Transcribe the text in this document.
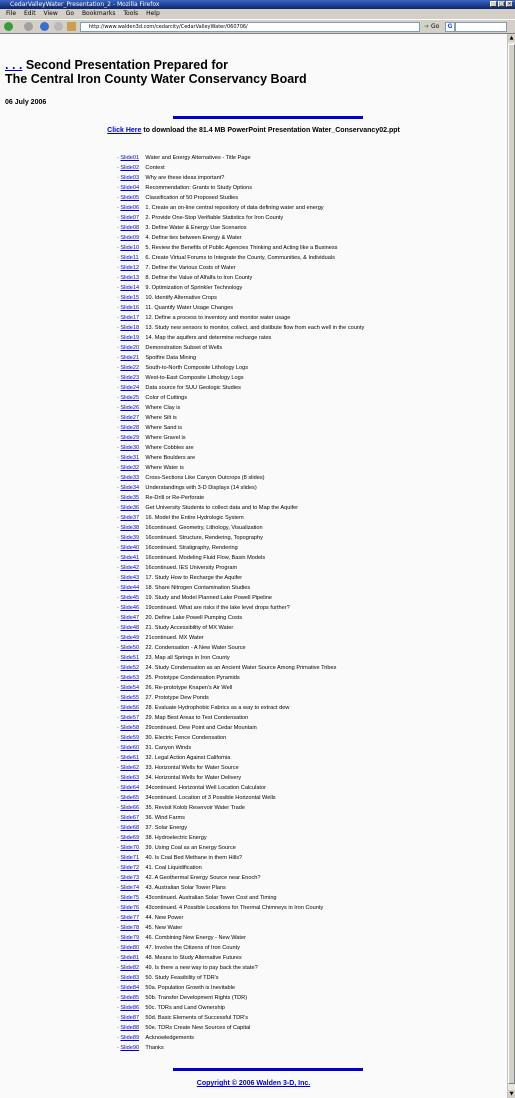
CedarValleyWater_Presentation_2 - Mozilla Firefox	_ □ ×
File Edit View Go Bookmarks Tools Help
http://www.walden3d.com/cedarcity/CedarValleyWater/060706/	➜ Go	G
. . . Second Presentation Prepared for
The Central Iron County Water Conservancy Board
06 July 2006
Click Here to download the 81.4 MB PowerPoint Presentation Water_Conservancy02.ppt
- Slide01 Water and Energy Alternatives - Title Page
- Slide02 Context
- Slide03 Why are these ideas important?
- Slide04 Recommendation: Grants to Study Options
- Slide05 Classification of 50 Proposed Studies
- Slide06 1. Create an on-line central repository of data defining water and energy
- Slide07 2. Provide One-Stop Verifiable Statistics for Iron County
- Slide08 3. Define Water & Energy Use Scenarios
- Slide09 4. Define ties between Energy & Water
- Slide10 5. Review the Benefits of Public Agencies Thinking and Acting like a Business
- Slide11 6. Create Virtual Forums to Integrate the County, Communities, & Individuals
- Slide12 7. Define the Various Costs of Water
- Slide13 8. Define the Value of Alfalfa to Iron County
- Slide14 9. Optimization of Sprinkler Technology
- Slide15 10. Identify Alternative Crops
- Slide16 11. Quantify Water Usage Changes
- Slide17 12. Define a process to inventory and monitor water usage
- Slide18 13. Study new sensors to monitor, collect, and distibute flow from each well in the county
- Slide19 14. Map the aquifers and determine recharge rates
- Slide20 Demonstration Subset of Wells
- Slide21 Spotfire Data Mining
- Slide22 South-to-North Composite Lithology Logs
- Slide23 West-to-East Composite Lithology Logs
- Slide24 Data source for SUU Geologic Studies
- Slide25 Color of Cuttings
- Slide26 Where Clay is
- Slide27 Where Silt is
- Slide28 Where Sand is
- Slide29 Where Gravel is
- Slide30 Where Cobbles are
- Slide31 Where Boulders are
- Slide32 Where Water is
- Slide33 Cross-Sections Like Canyon Outcrops (8 slides)
- Slide34 Understandings with 3-D Displays (14 slides)
- Slide35 Re-Drill or Re-Perforate
- Slide36 Get University Students to collect data and to Map the Aquifer
- Slide37 16. Model the Entire Hydrologic System
- Slide38 16continued. Geometry, Lithology, Visualization
- Slide39 16continued. Structure, Rendering, Topography
- Slide40 16continued. Stratigraphy, Rendering
- Slide41 16continued. Modeling Fluid Flow, Basin Models
- Slide42 16continued. IES University Program
- Slide43 17. Study How to Recharge the Aquifer
- Slide44 18. Share Nitrogen Contamination Studies
- Slide45 19. Study and Model Planned Lake Powell Pipeline
- Slide46 19continued. What are risks if the lake level drops further?
- Slide47 20. Define Lake Powell Pumping Costs
- Slide48 21. Study Accessibility of MX Water
- Slide49 21continued. MX Water
- Slide50 22. Condensation - A New Water Source
- Slide51 23. Map all Springs in Iron County
- Slide52 24. Study Condensation as an Ancient Water Source Among Primative Tribes
- Slide53 25. Prototype Condensation Pyramids
- Slide54 26. Re-prototype Knapen's Air Well
- Slide55 27. Prototype Dew Ponds
- Slide56 28. Evaluate Hydrophobic Fabrics as a way to extract dew
- Slide57 29. Map Best Areas to Test Condensation
- Slide58 29continued. Dew Point and Cedar Mountain
- Slide59 30. Electric Fence Condensation
- Slide60 31. Canyon Winds
- Slide61 32. Legal Action Against California
- Slide62 33. Horizontal Wells for Water Source
- Slide63 34. Horizontal Wells for Water Delivery
- Slide64 34continued. Horizontal Well Location Calculator
- Slide65 34continued. Location of 3 Possible Horizontal Wells
- Slide66 35. Revisit Kolob Reservoir Water Trade
- Slide67 36. Wind Farms
- Slide68 37. Solar Energy
- Slide69 38. Hydroelectric Energy
- Slide70 39. Using Coal as an Energy Source
- Slide71 40. Is Coal Bed Methane in them Hills?
- Slide72 41. Coal Liquidification
- Slide73 42. A Geothermal Energy Source near Enoch?
- Slide74 43. Australian Solar Tower Plans
- Slide75 43continued. Australian Solar Tower Cost and Timing
- Slide76 43continued. 4 Possible Locations for Thermal Chimneys in Iron County
- Slide77 44. New Power
- Slide78 45. New Water
- Slide79 46. Combining New Energy - New Water
- Slide80 47. Involve the Citizens of Iron County
- Slide81 48. Means to Study Alternative Futures
- Slide82 49. Is there a new way to pay back the state?
- Slide83 50. Study Feasibility of TDR's
- Slide84 50a. Population Growth is Inevitable
- Slide85 50b. Transfer Development Rights (TDR)
- Slide86 50c. TDRs and Land Ownership
- Slide87 50d. Basic Elements of Successful TDR's
- Slide88 50e. TDRs Create New Sources of Capital
- Slide89 Acknowledgements
- Slide90 Thanks
Copyright © 2006 Walden 3-D, Inc.
▲
▼
